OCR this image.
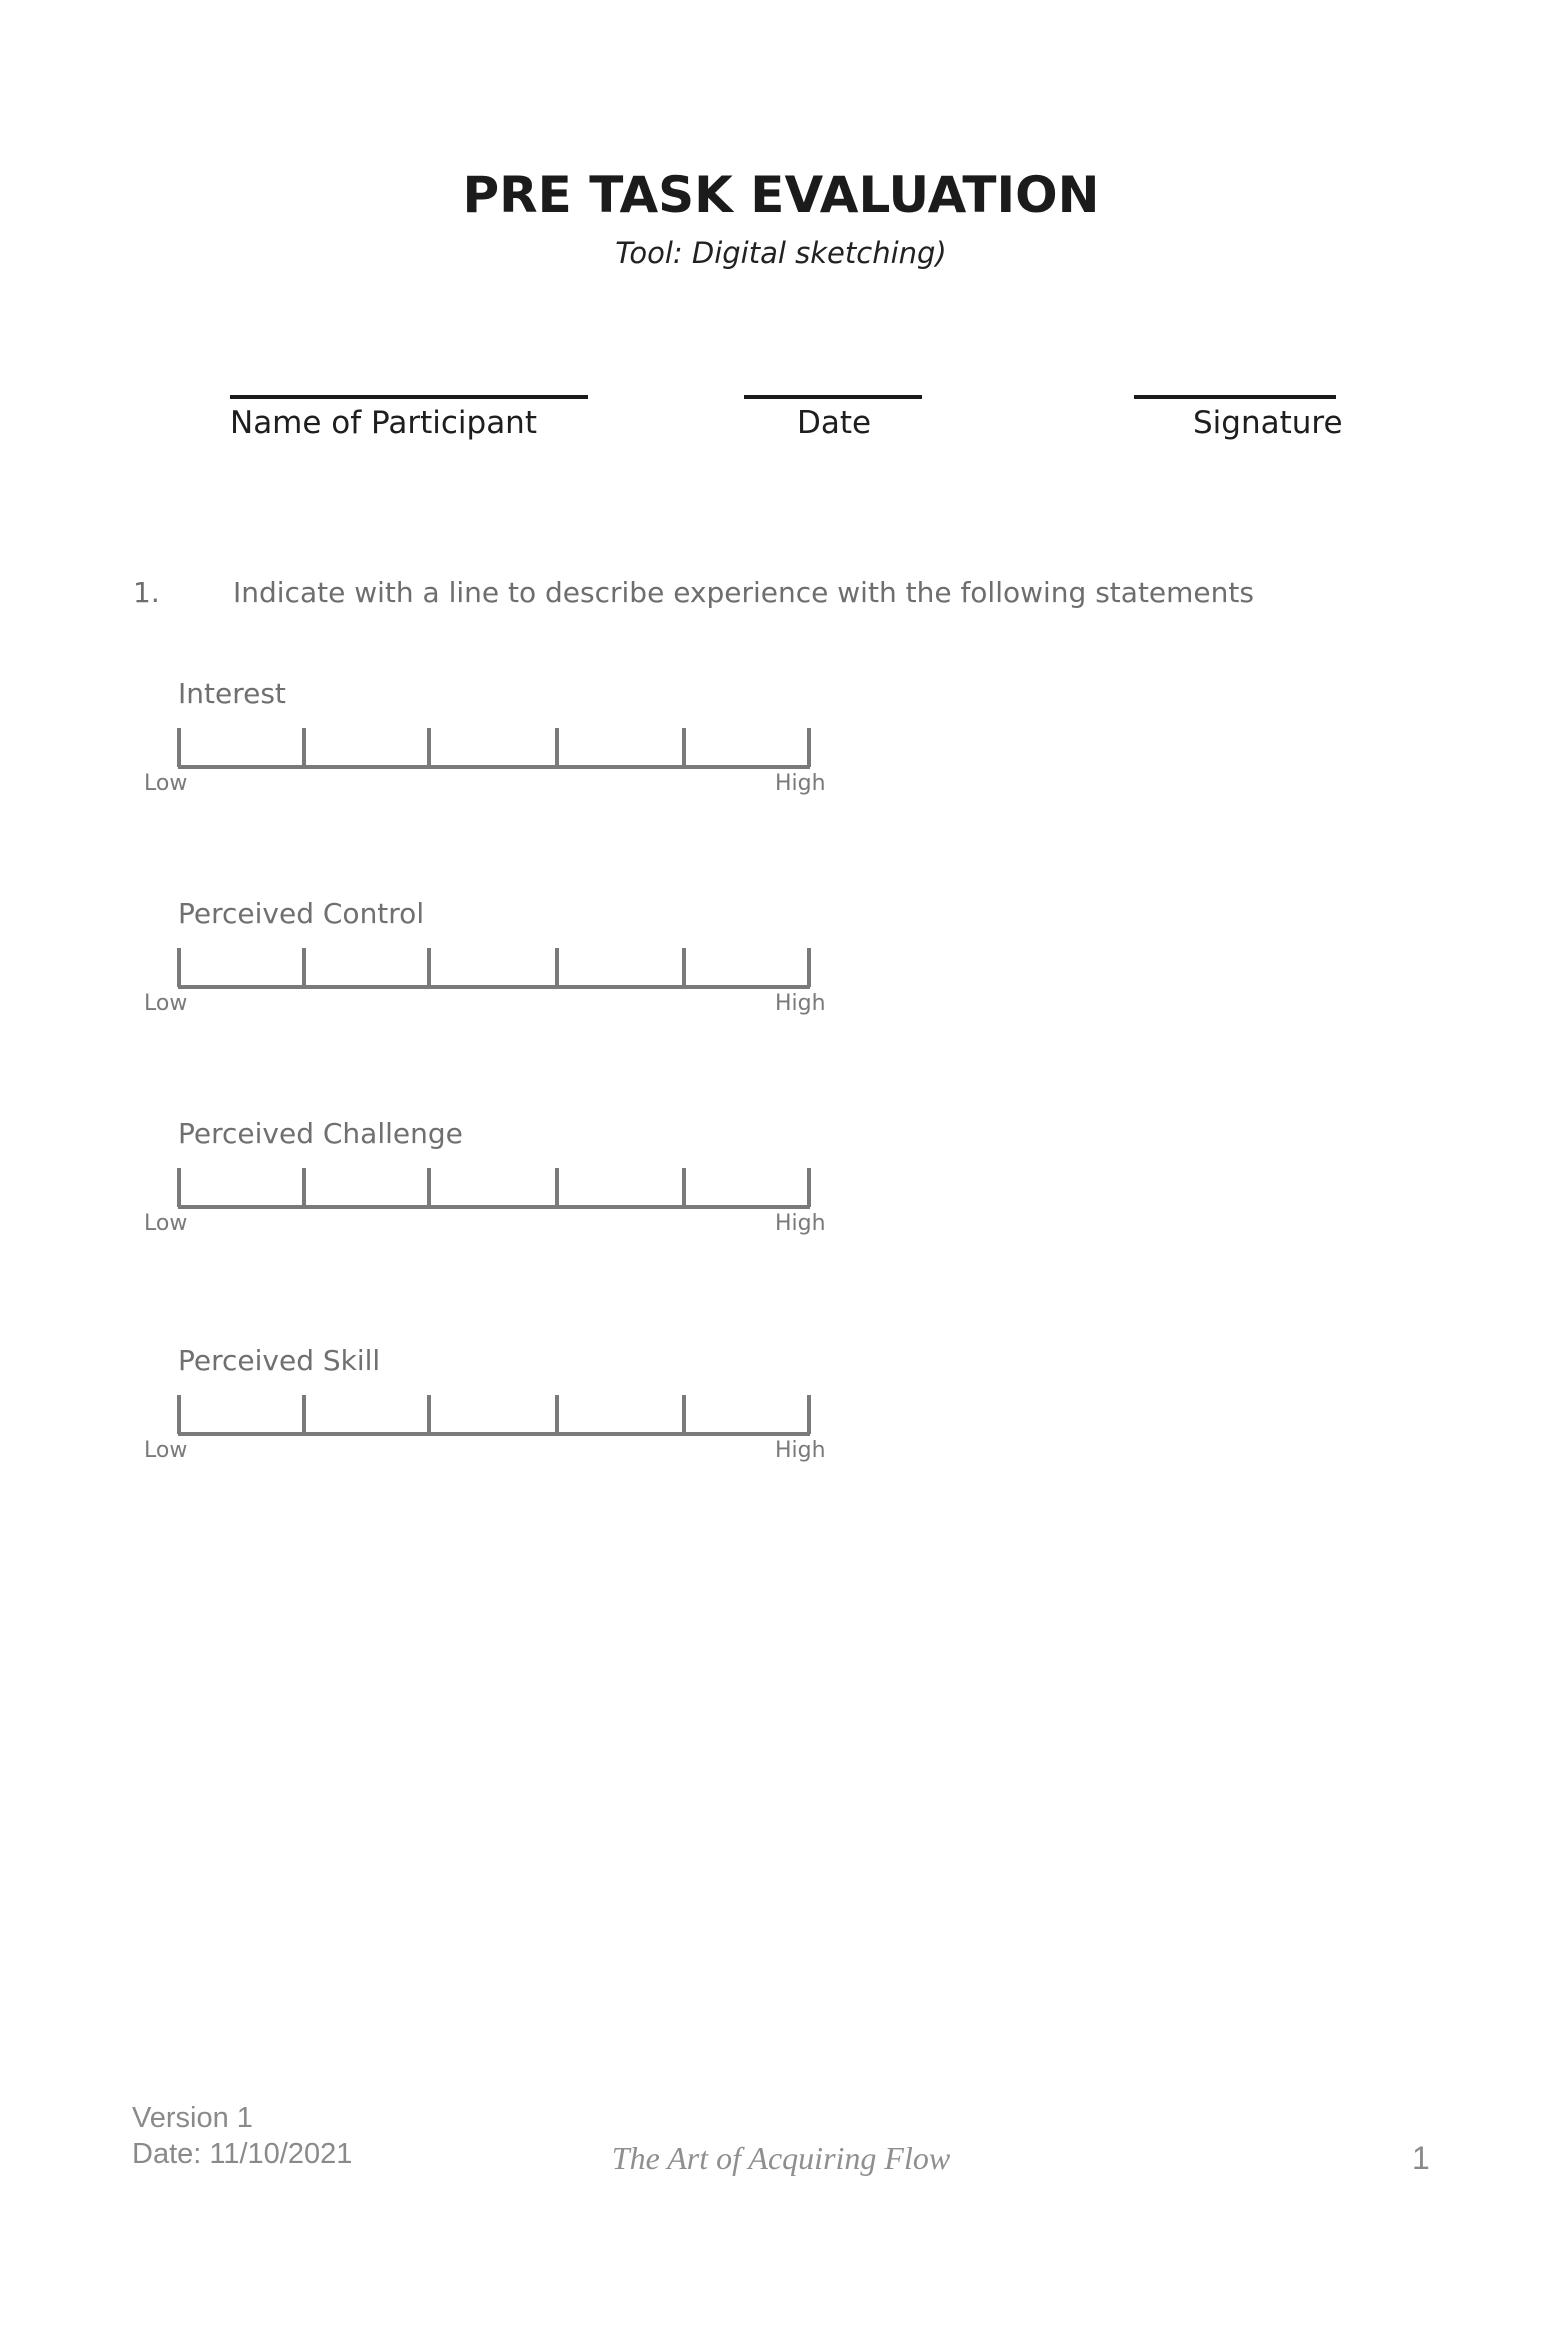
PRE TASK EVALUATION
Tool: Digital sketching)
Name of Participant	Date	Signature
1.	Indicate with a line to describe experience with the following statements
Interest
Low	High
Perceived Control
Low	High
Perceived Challenge
Low	High
Perceived Skill
Low	High
Version 1
Date: 11/10/2021	The Art of Acquiring Flow	1
